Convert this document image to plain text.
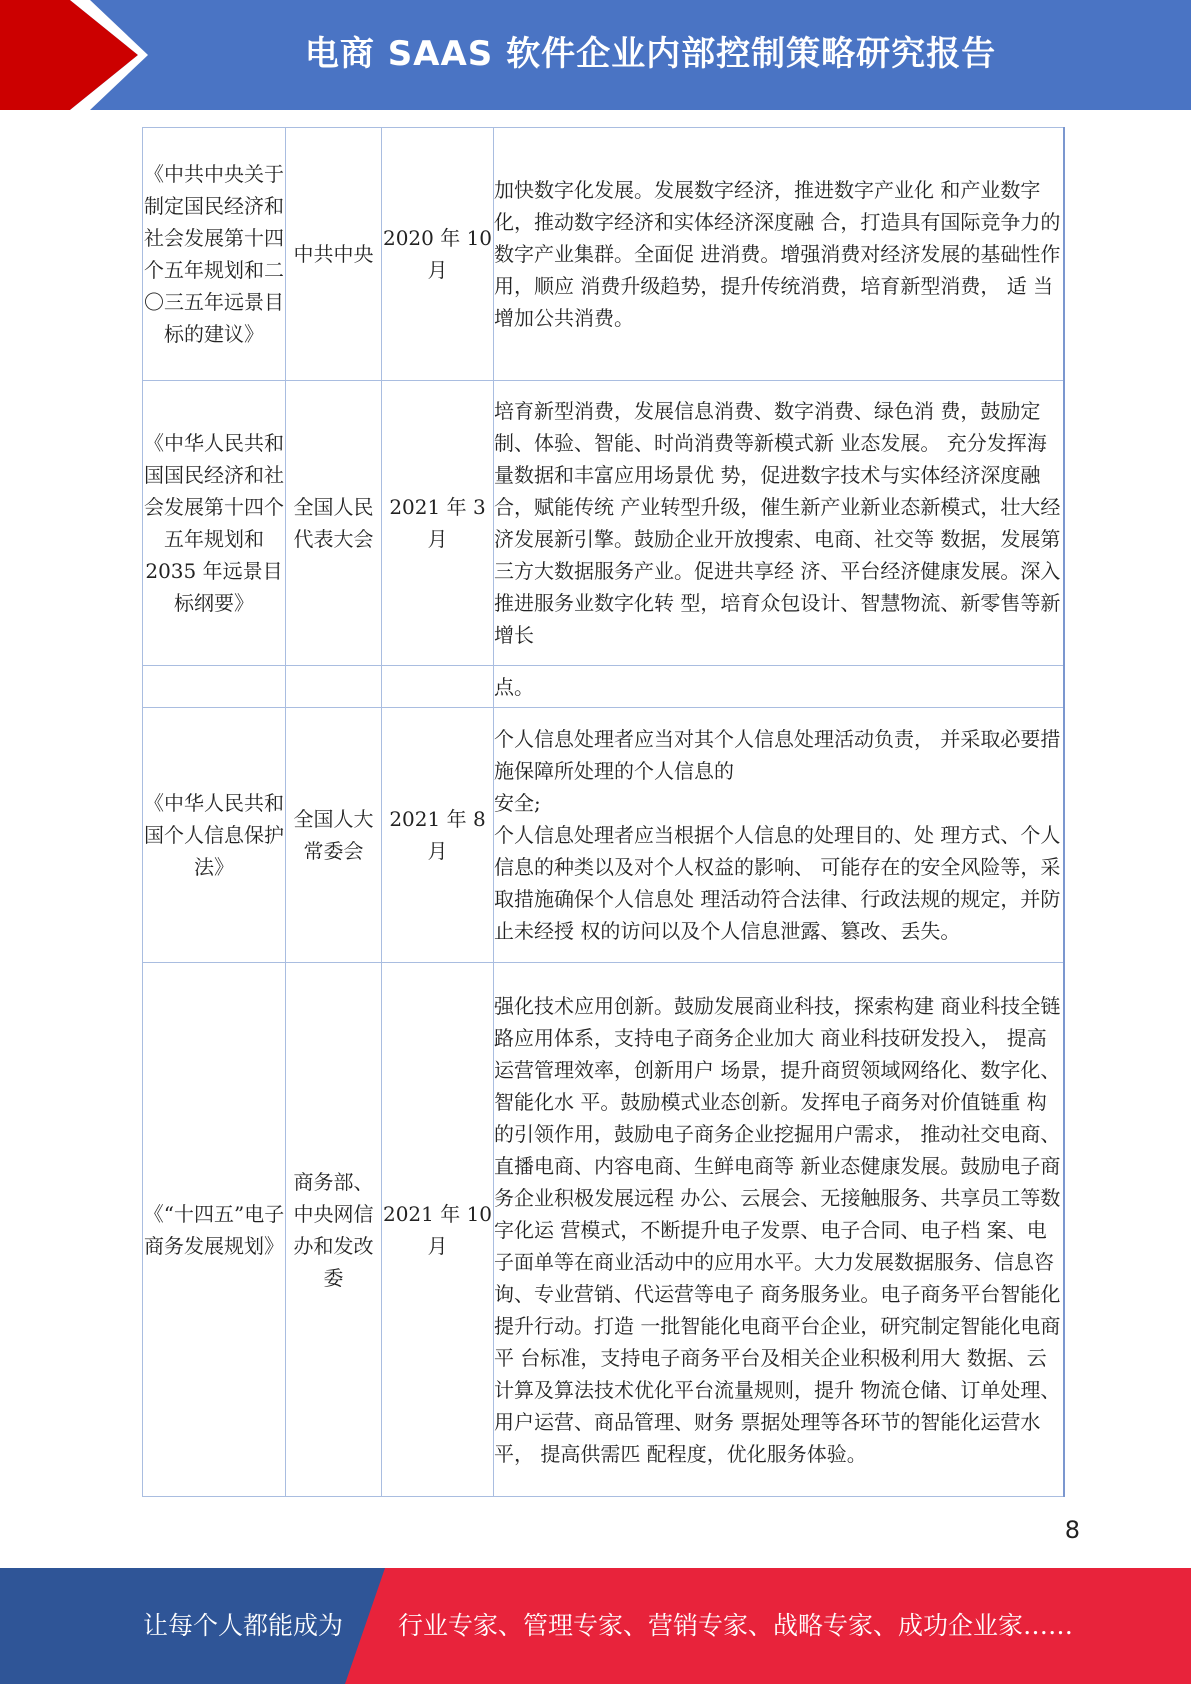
电商 SAAS 软件企业内部控制策略研究报告
《中共中央关于制定国民经济和社会发展第十四个五年规划和二〇三五年远景目标的建议》	中共中央	2020 年 10 月	加快数字化发展。发展数字经济，推进数字产业化 和产业数字化，推动数字经济和实体经济深度融 合，打造具有国际竞争力的数字产业集群。全面促 进消费。增强消费对经济发展的基础性作用，顺应 消费升级趋势，提升传统消费，培育新型消费， 适 当增加公共消费。

《中华人民共和国国民经济和社会发展第十四个五年规划和 2035 年远景目标纲要》	全国人民代表大会	2021 年 3 月	培育新型消费，发展信息消费、数字消费、绿色消 费，鼓励定制、体验、智能、时尚消费等新模式新 业态发展。 充分发挥海量数据和丰富应用场景优 势，促进数字技术与实体经济深度融合，赋能传统 产业转型升级，催生新产业新业态新模式，壮大经 济发展新引擎。鼓励企业开放搜索、电商、社交等 数据，发展第三方大数据服务产业。促进共享经 济、平台经济健康发展。深入推进服务业数字化转 型，培育众包设计、智慧物流、新零售等新增长

			点。

《中华人民共和国个人信息保护法》	全国人大常委会	2021 年 8 月	个人信息处理者应当对其个人信息处理活动负责， 并采取必要措施保障所处理的个人信息的

安全;

个人信息处理者应当根据个人信息的处理目的、处 理方式、个人信息的种类以及对个人权益的影响、 可能存在的安全风险等，采取措施确保个人信息处 理活动符合法律、行政法规的规定，并防止未经授 权的访问以及个人信息泄露、篡改、丢失。

《“十四五”电子商务发展规划》	商务部、中央网信办和发改委	2021 年 10 月	强化技术应用创新。鼓励发展商业科技，探索构建 商业科技全链路应用体系，支持电子商务企业加大 商业科技研发投入， 提高运营管理效率，创新用户 场景，提升商贸领域网络化、数字化、智能化水 平。鼓励模式业态创新。发挥电子商务对价值链重 构的引领作用，鼓励电子商务企业挖掘用户需求， 推动社交电商、直播电商、内容电商、生鲜电商等 新业态健康发展。鼓励电子商务企业积极发展远程 办公、云展会、无接触服务、共享员工等数字化运 营模式，不断提升电子发票、电子合同、电子档 案、电子面单等在商业活动中的应用水平。大力发展数据服务、信息咨询、专业营销、代运营等电子 商务服务业。电子商务平台智能化提升行动。打造 一批智能化电商平台企业，研究制定智能化电商平 台标准，支持电子商务平台及相关企业积极利用大 数据、云计算及算法技术优化平台流量规则，提升 物流仓储、订单处理、用户运营、商品管理、财务 票据处理等各环节的智能化运营水平， 提高供需匹 配程度，优化服务体验。

8
让每个人都能成为 行业专家、管理专家、营销专家、战略专家、成功企业家……
